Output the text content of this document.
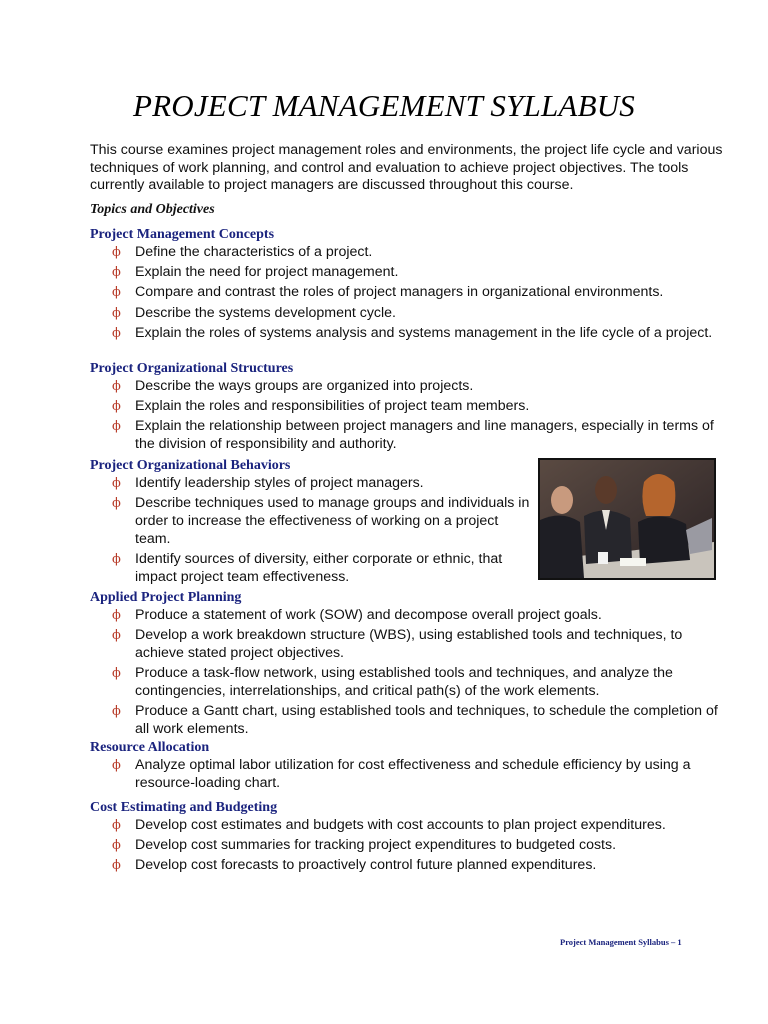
PROJECT MANAGEMENT SYLLABUS

This course examines project management roles and environments, the project life cycle and various techniques of work planning, and control and evaluation to achieve project objectives. The tools currently available to project managers are discussed throughout this course.

Topics and Objectives
Project Management Concepts
ϕ Define the characteristics of a project.
ϕ Explain the need for project management.
ϕ Compare and contrast the roles of project managers in organizational environments.
ϕ Describe the systems development cycle.
ϕ Explain the roles of systems analysis and systems management in the life cycle of a project.
Project Organizational Structures
ϕ Describe the ways groups are organized into projects.
ϕ Explain the roles and responsibilities of project team members.
ϕ Explain the relationship between project managers and line managers, especially in terms of the division of responsibility and authority.
Project Organizational Behaviors
ϕ Identify leadership styles of project managers.
ϕ Describe techniques used to manage groups and individuals in order to increase the effectiveness of working on a project team.
ϕ Identify sources of diversity, either corporate or ethnic, that impact project team effectiveness.
Applied Project Planning
ϕ Produce a statement of work (SOW) and decompose overall project goals.
ϕ Develop a work breakdown structure (WBS), using established tools and techniques, to achieve stated project objectives.
ϕ Produce a task-flow network, using established tools and techniques, and analyze the contingencies, interrelationships, and critical path(s) of the work elements.
ϕ Produce a Gantt chart, using established tools and techniques, to schedule the completion of all work elements.
Resource Allocation
ϕ Analyze optimal labor utilization for cost effectiveness and schedule efficiency by using a resource-loading chart.
Cost Estimating and Budgeting
ϕ Develop cost estimates and budgets with cost accounts to plan project expenditures.
ϕ Develop cost summaries for tracking project expenditures to budgeted costs.
ϕ Develop cost forecasts to proactively control future planned expenditures.
Project Management Syllabus – 1
